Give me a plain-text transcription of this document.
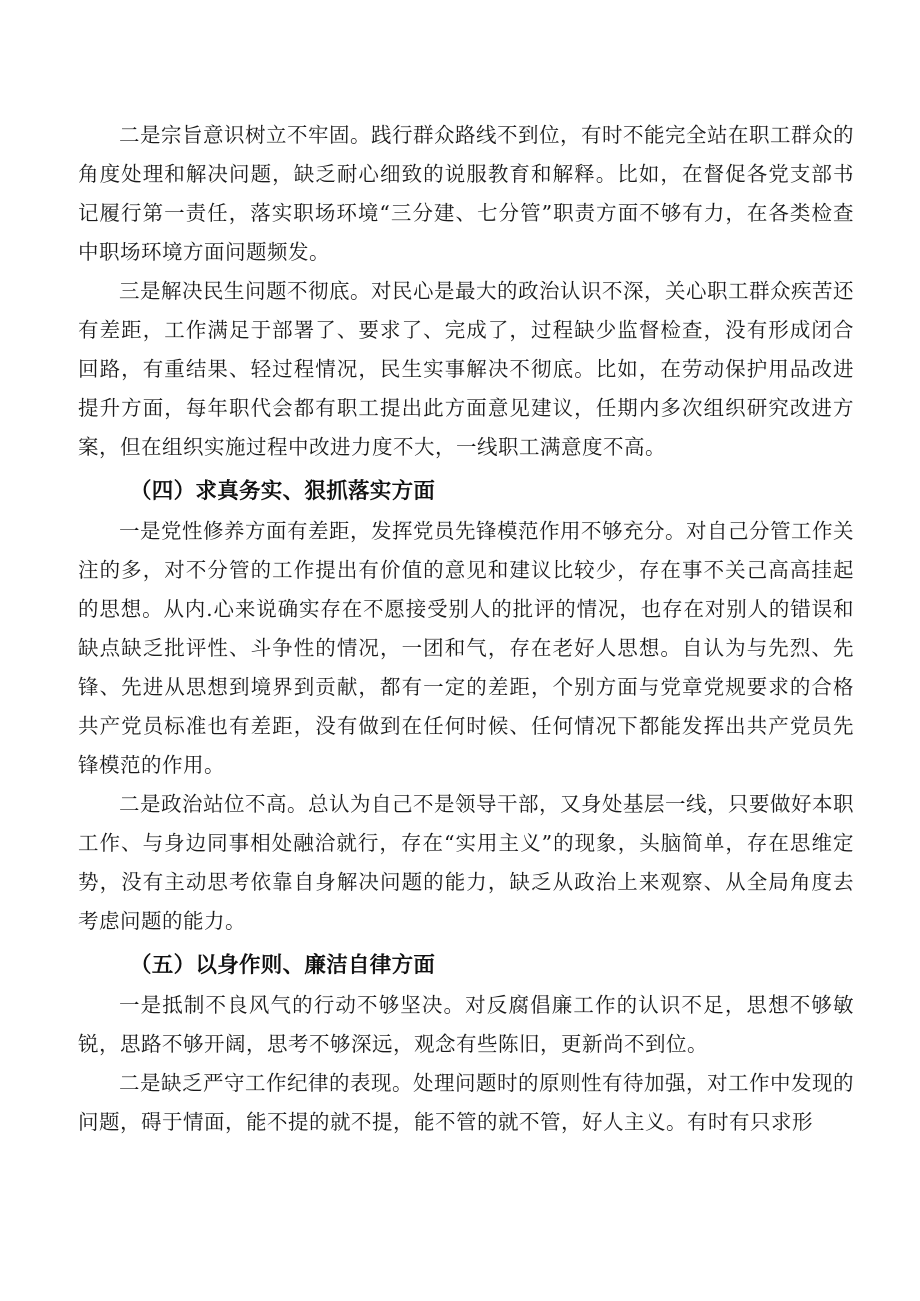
二是宗旨意识树立不牢固。践行群众路线不到位，有时不能完全站在职工群众的角度处理和解决问题，缺乏耐心细致的说服教育和解释。比如，在督促各党支部书记履行第一责任，落实职场环境“三分建、七分管”职责方面不够有力，在各类检查中职场环境方面问题频发。

三是解决民生问题不彻底。对民心是最大的政治认识不深，关心职工群众疾苦还有差距，工作满足于部署了、要求了、完成了，过程缺少监督检查，没有形成闭合回路，有重结果、轻过程情况，民生实事解决不彻底。比如，在劳动保护用品改进提升方面，每年职代会都有职工提出此方面意见建议，任期内多次组织研究改进方案，但在组织实施过程中改进力度不大，一线职工满意度不高。

（四）求真务实、狠抓落实方面

一是党性修养方面有差距，发挥党员先锋模范作用不够充分。对自己分管工作关注的多，对不分管的工作提出有价值的意见和建议比较少，存在事不关己高高挂起的思想。从内.心来说确实存在不愿接受别人的批评的情况，也存在对别人的错误和缺点缺乏批评性、斗争性的情况，一团和气，存在老好人思想。自认为与先烈、先锋、先进从思想到境界到贡献，都有一定的差距，个别方面与党章党规要求的合格共产党员标准也有差距，没有做到在任何时候、任何情况下都能发挥出共产党员先锋模范的作用。

二是政治站位不高。总认为自己不是领导干部，又身处基层一线，只要做好本职工作、与身边同事相处融洽就行，存在“实用主义”的现象，头脑简单，存在思维定势，没有主动思考依靠自身解决问题的能力，缺乏从政治上来观察、从全局角度去考虑问题的能力。

（五）以身作则、廉洁自律方面

一是抵制不良风气的行动不够坚决。对反腐倡廉工作的认识不足，思想不够敏锐，思路不够开阔，思考不够深远，观念有些陈旧，更新尚不到位。

二是缺乏严守工作纪律的表现。处理问题时的原则性有待加强，对工作中发现的问题，碍于情面，能不提的就不提，能不管的就不管，好人主义。有时有只求形
